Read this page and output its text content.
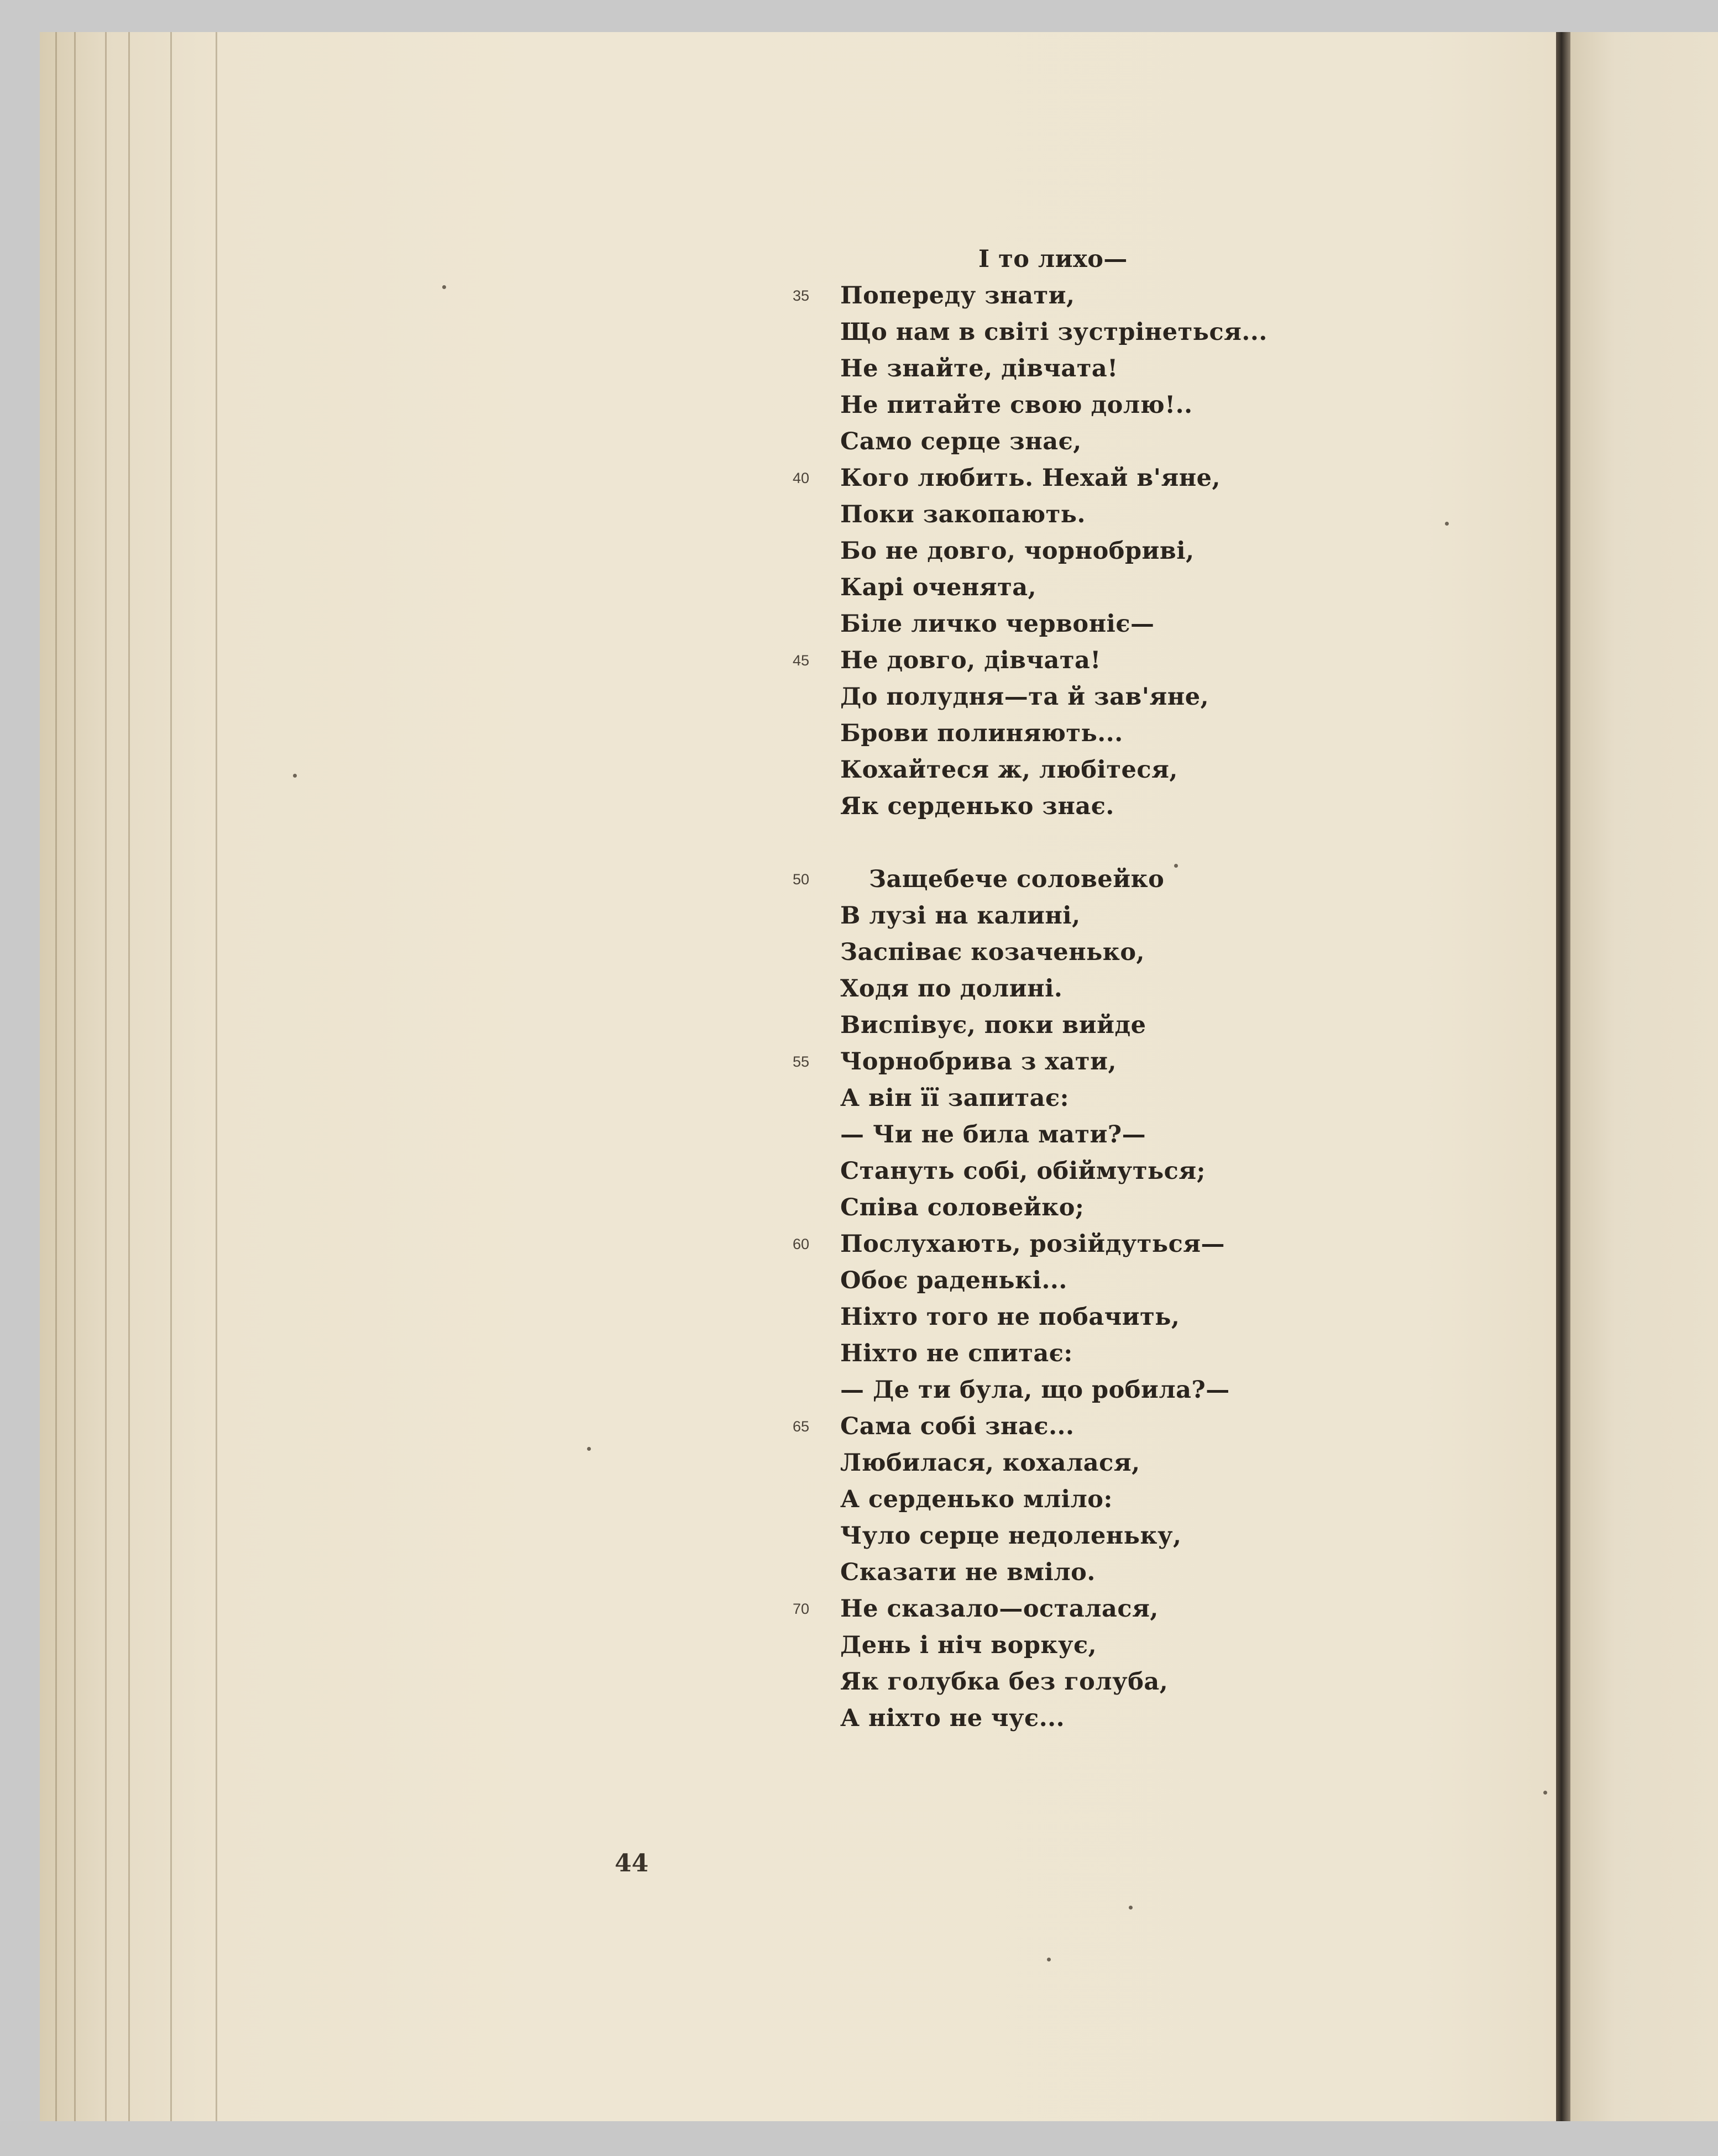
44
І то лихо—
35	Попереду знати,
Що нам в світі зустрінеться...
Не знайте, дівчата!
Не питайте свою долю!..
Само серце знає,
40	Кого любить. Нехай в'яне,
Поки закопають.
Бо не довго, чорнобриві,
Карі оченята,
Біле личко червоніє—
45	Не довго, дівчата!
До полудня—та й зав'яне,
Брови полиняють...
Кохайтеся ж, любітеся,
Як серденько знає.
50	Защебече соловейко
В лузі на калині,
Заспіває козаченько,
Ходя по долині.
Виспівує, поки вийде
55	Чорнобрива з хати,
А він її запитає:
— Чи не била мати?—
Стануть собі, обіймуться;
Співа соловейко;
60	Послухають, розійдуться—
Обоє раденькі...
Ніхто того не побачить,
Ніхто не спитає:
— Де ти була, що робила?—
65	Сама собі знає...
Любилася, кохалася,
А серденько мліло:
Чуло серце недоленьку,
Сказати не вміло.
70	Не сказало—осталася,
День і ніч воркує,
Як голубка без голуба,
А ніхто не чує...
